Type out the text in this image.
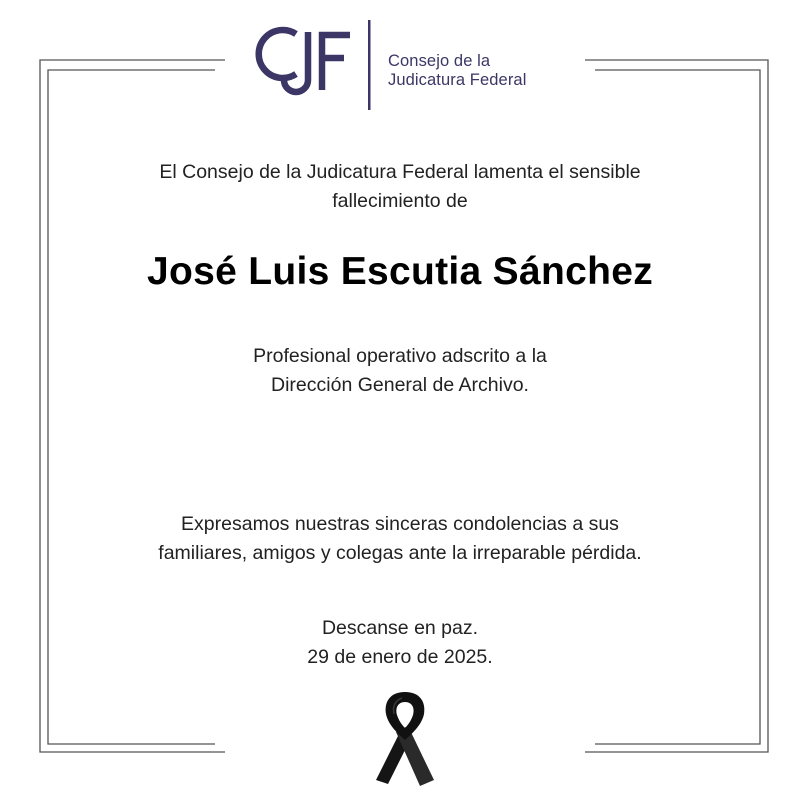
Consejo de la
Judicatura Federal
El Consejo de la Judicatura Federal lamenta el sensible
fallecimiento de
José Luis Escutia Sánchez
Profesional operativo adscrito a la
Dirección General de Archivo.
Expresamos nuestras sinceras condolencias a sus
familiares, amigos y colegas ante la irreparable pérdida.
Descanse en paz.
29 de enero de 2025.
